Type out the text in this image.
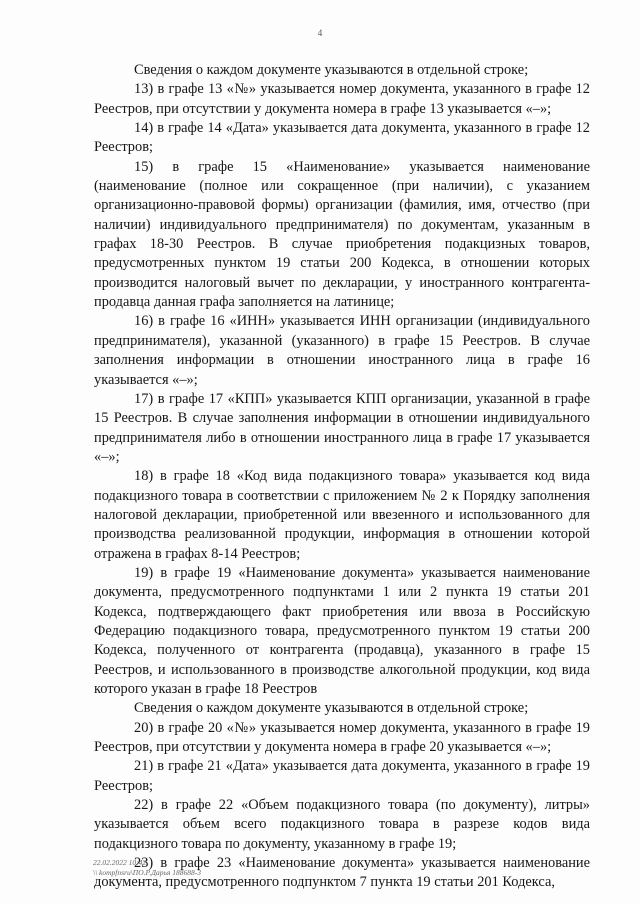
4

Сведения о каждом документе указываются в отдельной строке;

13) в графе 13 «№» указывается номер документа, указанного в графе 12 Реестров, при отсутствии у документа номера в графе 13 указывается «–»;

14) в графе 14 «Дата» указывается дата документа, указанного в графе 12 Реестров;

15) в графе 15 «Наименование» указывается наименование (наименование (полное или сокращенное (при наличии), с указанием организационно-правовой формы) организации (фамилия, имя, отчество (при наличии) индивидуального предпринимателя) по документам, указанным в графах 18-30 Реестров. В случае приобретения подакцизных товаров, предусмотренных пунктом 19 статьи 200 Кодекса, в отношении которых производится налоговый вычет по декларации, у иностранного контрагента-продавца данная графа заполняется на латинице;

16) в графе 16 «ИНН» указывается ИНН организации (индивидуального предпринимателя), указанной (указанного) в графе 15 Реестров. В случае заполнения информации в отношении иностранного лица в графе 16 указывается «–»;

17) в графе 17 «КПП» указывается КПП организации, указанной в графе 15 Реестров. В случае заполнения информации в отношении индивидуального предпринимателя либо в отношении иностранного лица в графе 17 указывается «–»;

18) в графе 18 «Код вида подакцизного товара» указывается код вида подакцизного товара в соответствии с приложением № 2 к Порядку заполнения налоговой декларации, приобретенной или ввезенного и использованного для производства реализованной продукции, информация в отношении которой отражена в графах 8-14 Реестров;

19) в графе 19 «Наименование документа» указывается наименование документа, предусмотренного подпунктами 1 или 2 пункта 19 статьи 201 Кодекса, подтверждающего факт приобретения или ввоза в Российскую Федерацию подакцизного товара, предусмотренного пунктом 19 статьи 200 Кодекса, полученного от контрагента (продавца), указанного в графе 15 Реестров, и использованного в производстве алкогольной продукции, код вида которого указан в графе 18 Реестров

Сведения о каждом документе указываются в отдельной строке;

20) в графе 20 «№» указывается номер документа, указанного в графе 19 Реестров, при отсутствии у документа номера в графе 20 указывается «–»;

21) в графе 21 «Дата» указывается дата документа, указанного в графе 19 Реестров;

22) в графе 22 «Объем подакцизного товара (по документу), литры» указывается объем всего подакцизного товара в разрезе кодов вида подакцизного товара по документу, указанному в графе 19;

23) в графе 23 «Наименование документа» указывается наименование документа, предусмотренного подпунктом 7 пункта 19 статьи 201 Кодекса,

22.02.2022 10:42
\\ kompfnsru\ПО.Р.Дарья 188688-3
